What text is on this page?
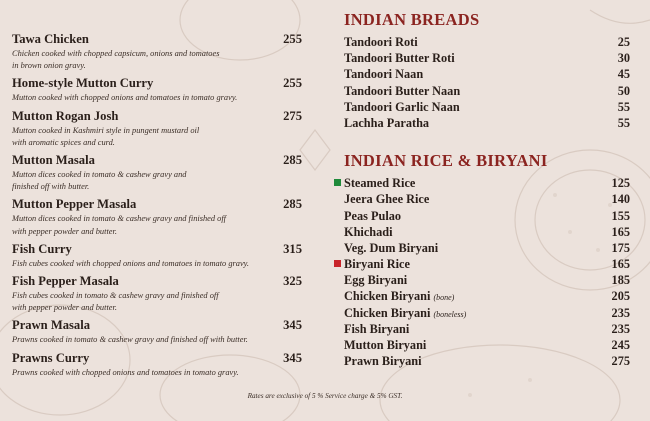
Tawa Chicken	255
Chicken cooked with chopped capsicum, onions and tomatoes
in brown onion gravy.
Home-style Mutton Curry	255
Mutton cooked with chopped onions and tomatoes in tomato gravy.
Mutton Rogan Josh	275
Mutton cooked in Kashmiri style in pungent mustard oil
with aromatic spices and curd.
Mutton Masala	285
Mutton dices cooked in tomato & cashew gravy and
finished off with butter.
Mutton Pepper Masala	285
Mutton dices cooked in tomato & cashew gravy and finished off
with pepper powder and butter.
Fish Curry	315
Fish cubes cooked with chopped onions and tomatoes in tomato gravy.
Fish Pepper Masala	325
Fish cubes cooked in tomato & cashew gravy and finished off
with pepper powder and butter.
Prawn Masala	345
Prawns cooked in tomato & cashew gravy and finished off with butter.
Prawns Curry	345
Prawns cooked with chopped onions and tomatoes in tomato gravy.
INDIAN BREADS
Tandoori Roti	25
Tandoori Butter Roti	30
Tandoori Naan	45
Tandoori Butter Naan	50
Tandoori Garlic Naan	55
Lachha Paratha	55
INDIAN RICE & BIRYANI
Steamed Rice	125
Jeera Ghee Rice	140
Peas Pulao	155
Khichadi	165
Veg. Dum Biryani	175
Biryani Rice	165
Egg Biryani	185
Chicken Biryani (bone)	205
Chicken Biryani (boneless)	235
Fish Biryani	235
Mutton Biryani	245
Prawn Biryani	275
Rates are exclusive of 5 % Service charge & 5% GST.
